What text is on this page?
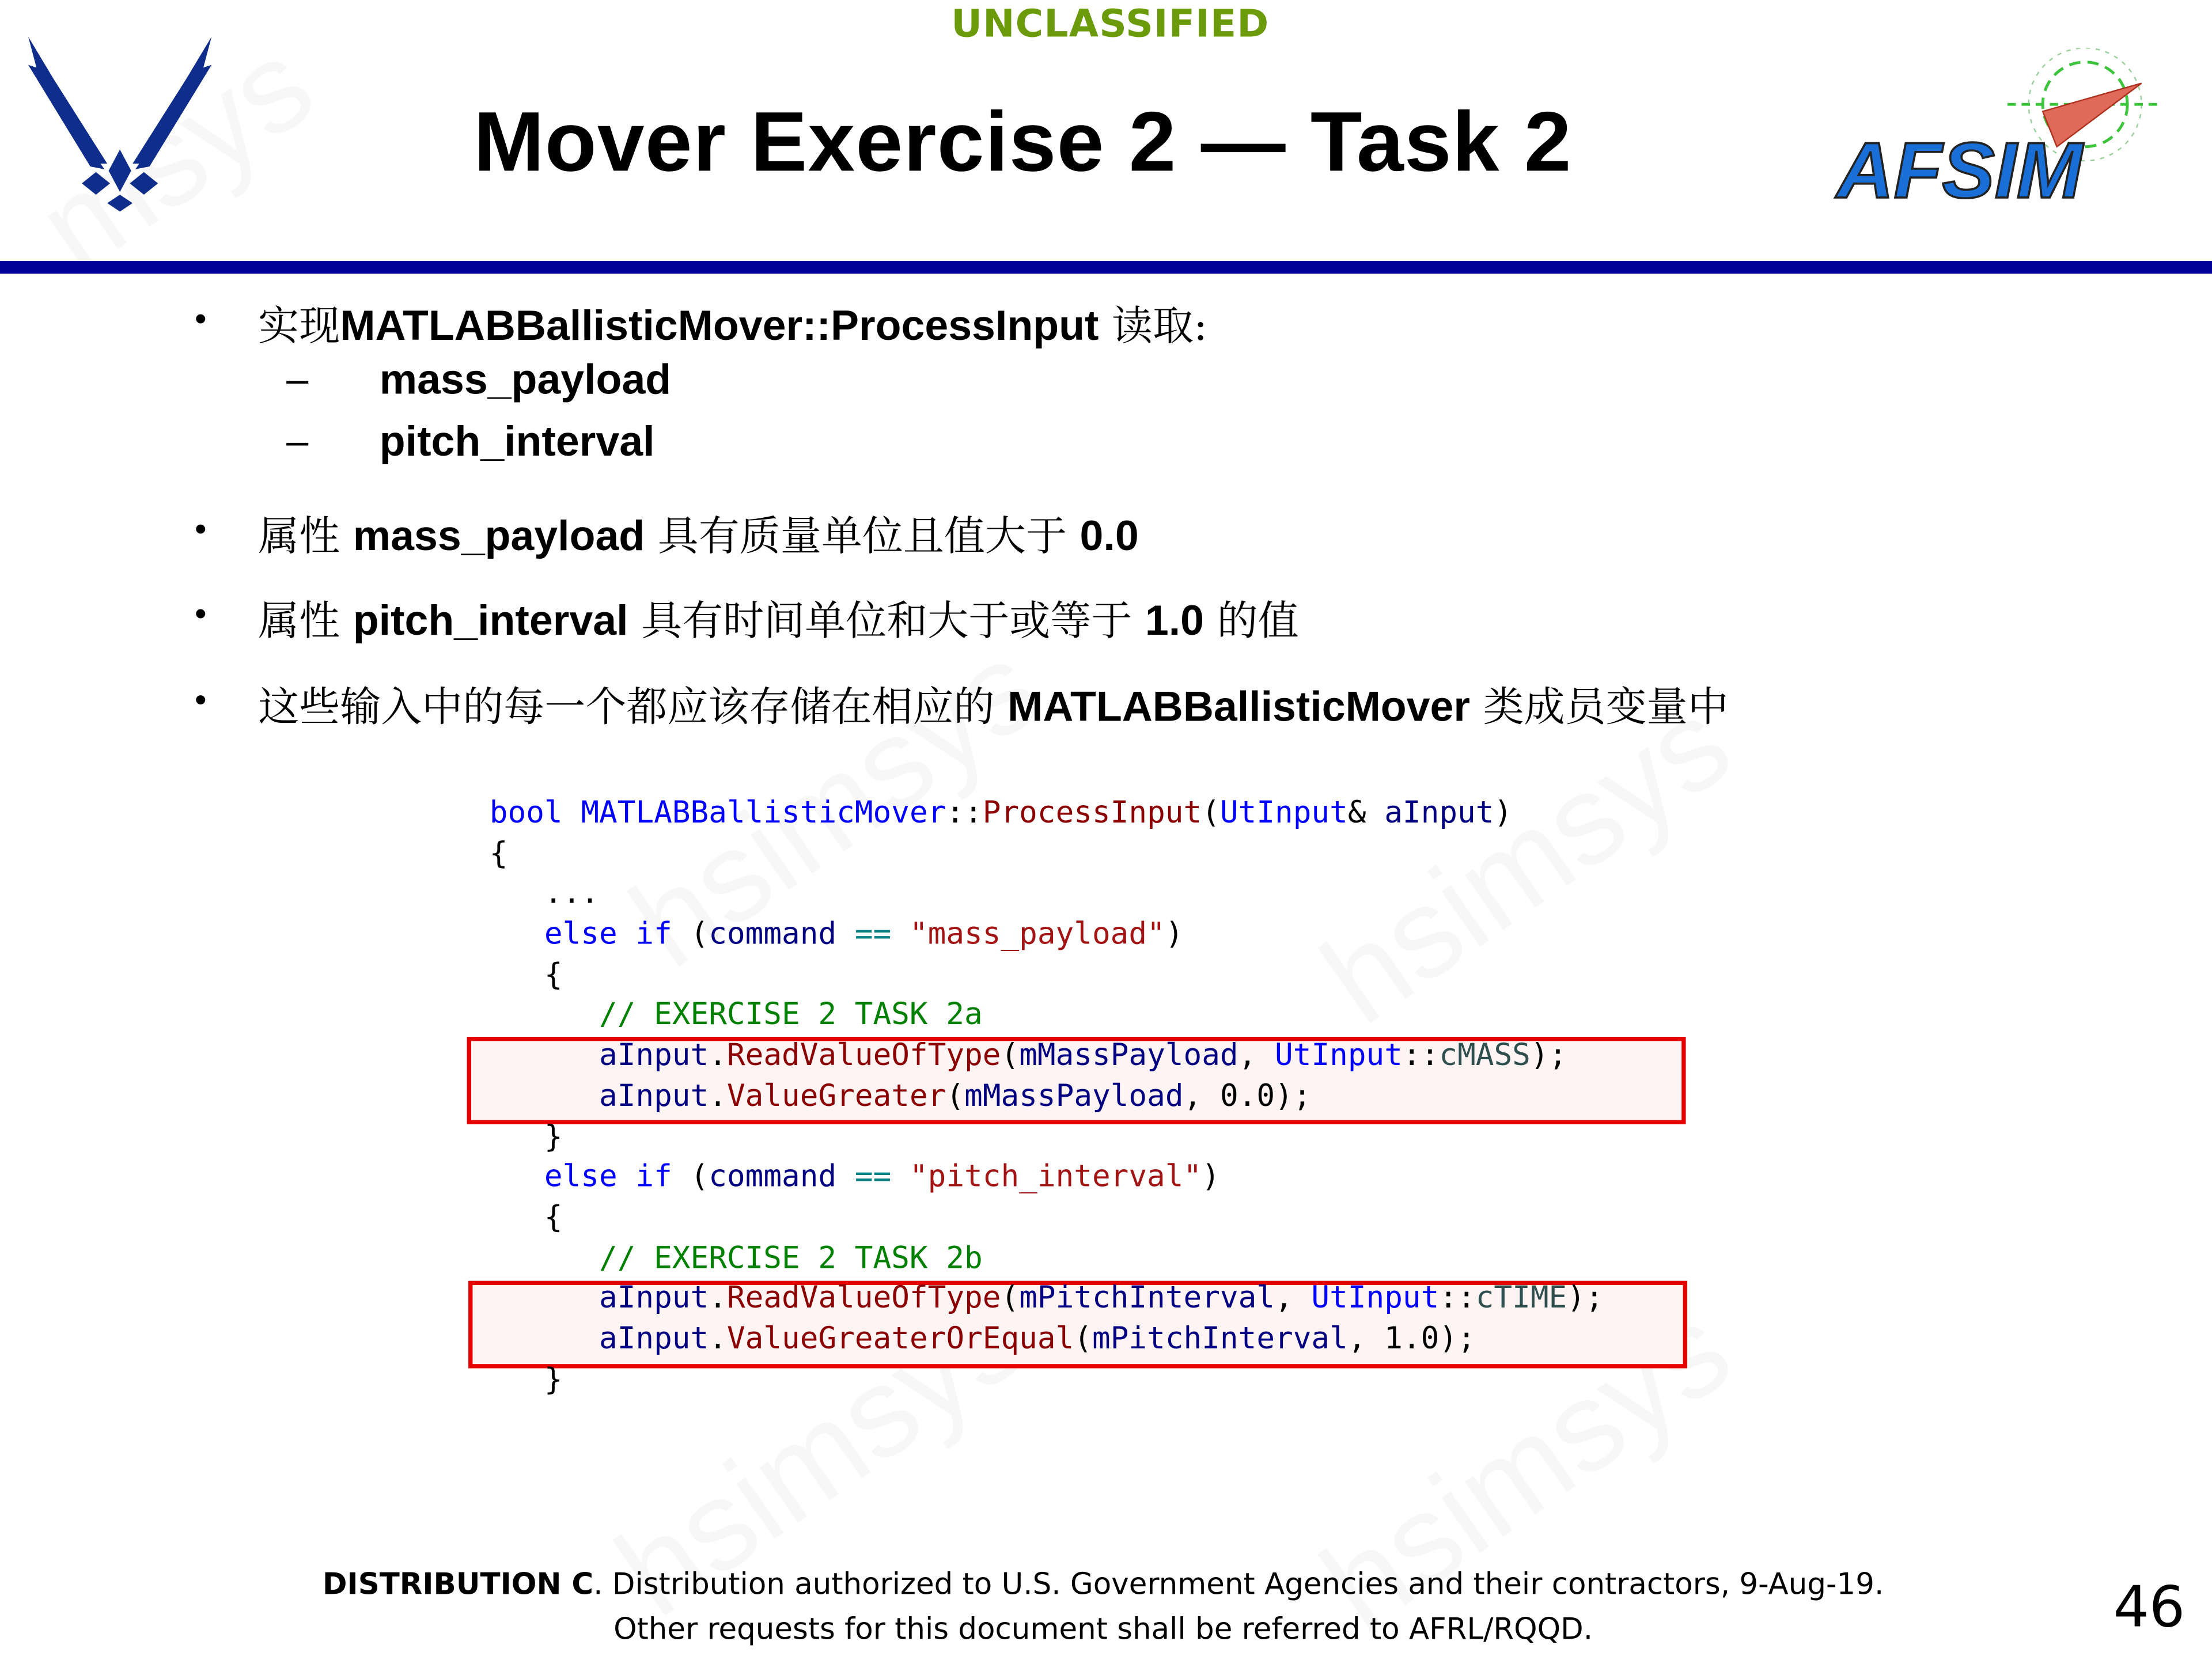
UNCLASSIFIED
Mover Exercise 2 — Task 2	AFSIM
•	实现MATLABBallisticMover::ProcessInput 读取:
–	mass_payload
–	pitch_interval
•	属性 mass_payload 具有质量单位且值大于 0.0
•	属性 pitch_interval 具有时间单位和大于或等于 1.0 的值
•	这些输入中的每一个都应该存储在相应的 MATLABBallisticMover 类成员变量中
bool MATLABBallisticMover::ProcessInput(UtInput& aInput)
{
...
else if (command == "mass_payload")
{
// EXERCISE 2 TASK 2a
aInput.ReadValueOfType(mMassPayload, UtInput::cMASS);
aInput.ValueGreater(mMassPayload, 0.0);
}
else if (command == "pitch_interval")
{
// EXERCISE 2 TASK 2b
aInput.ReadValueOfType(mPitchInterval, UtInput::cTIME);
aInput.ValueGreaterOrEqual(mPitchInterval, 1.0);
}
DISTRIBUTION C. Distribution authorized to U.S. Government Agencies and their contractors, 9-Aug-19.
Other requests for this document shall be referred to AFRL/RQQD.	46
